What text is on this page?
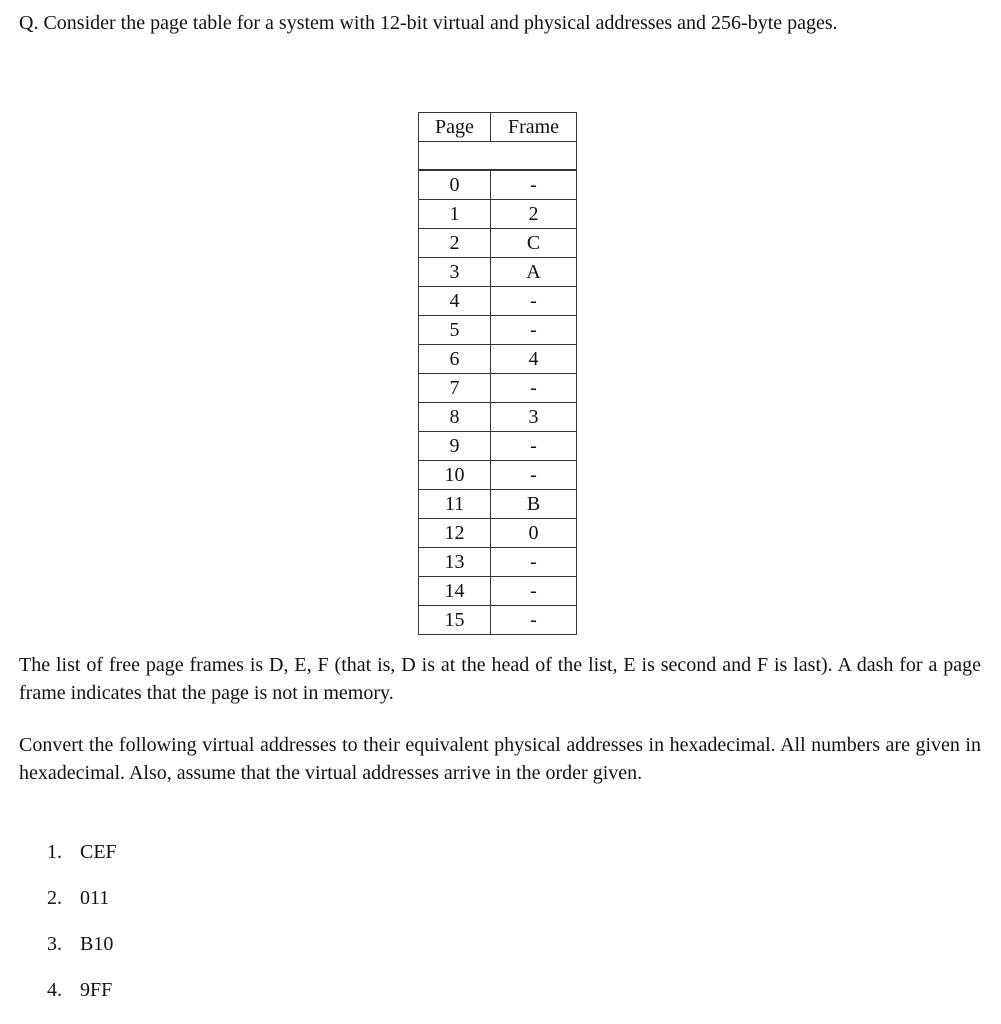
Q. Consider the page table for a system with 12-bit virtual and physical addresses and 256-byte pages.

Page	Frame

0	-
1	2
2	C
3	A
4	-
5	-
6	4
7	-
8	3
9	-
10	-
11	B
12	0
13	-
14	-
15	-

The list of free page frames is D, E, F (that is, D is at the head of the list, E is second and F is last). A dash for a page frame indicates that the page is not in memory.

Convert the following virtual addresses to their equivalent physical addresses in hexadecimal. All numbers are given in hexadecimal. Also, assume that the virtual addresses arrive in the order given.

1. CEF
2. 011
3. B10
4. 9FF
